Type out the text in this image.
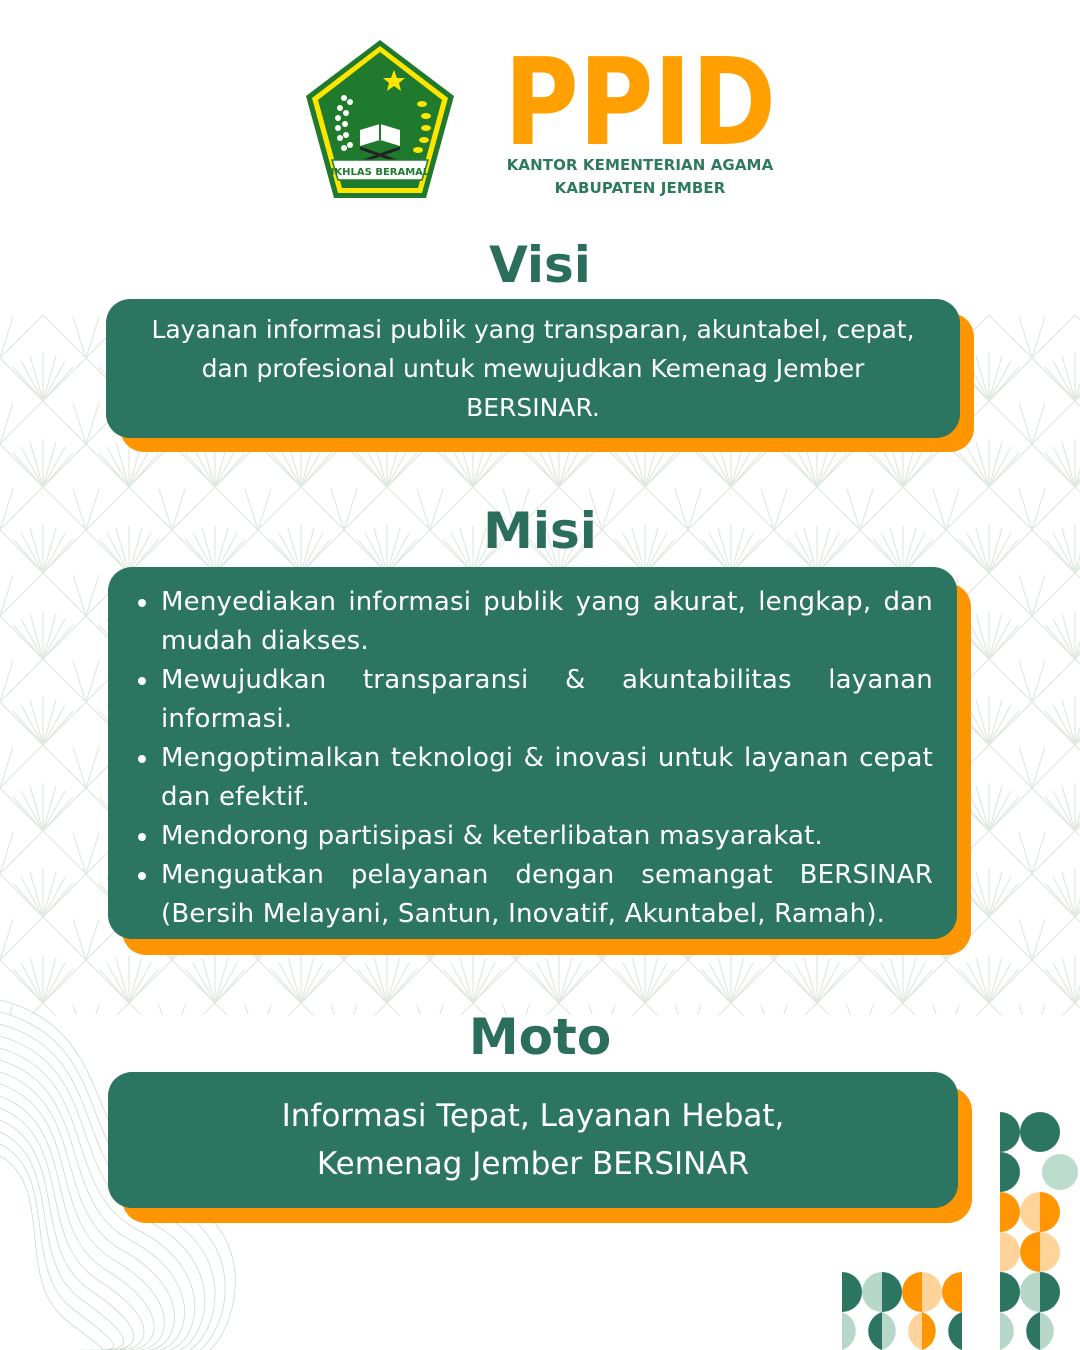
IKHLAS BERAMAL PPID
KANTOR KEMENTERIAN AGAMA
KABUPATEN JEMBER
Visi
Layanan informasi publik yang transparan, akuntabel, cepat, dan profesional untuk mewujudkan Kemenag Jember BERSINAR.
Misi
Menyediakan informasi publik yang akurat, lengkap, dan mudah diakses.
Mewujudkan transparansi & akuntabilitas layanan informasi.
Mengoptimalkan teknologi & inovasi untuk layanan cepat dan efektif.
Mendorong partisipasi & keterlibatan masyarakat.
Menguatkan pelayanan dengan semangat BERSINAR (Bersih Melayani, Santun, Inovatif, Akuntabel, Ramah).
Moto
Informasi Tepat, Layanan Hebat,
Kemenag Jember BERSINAR
